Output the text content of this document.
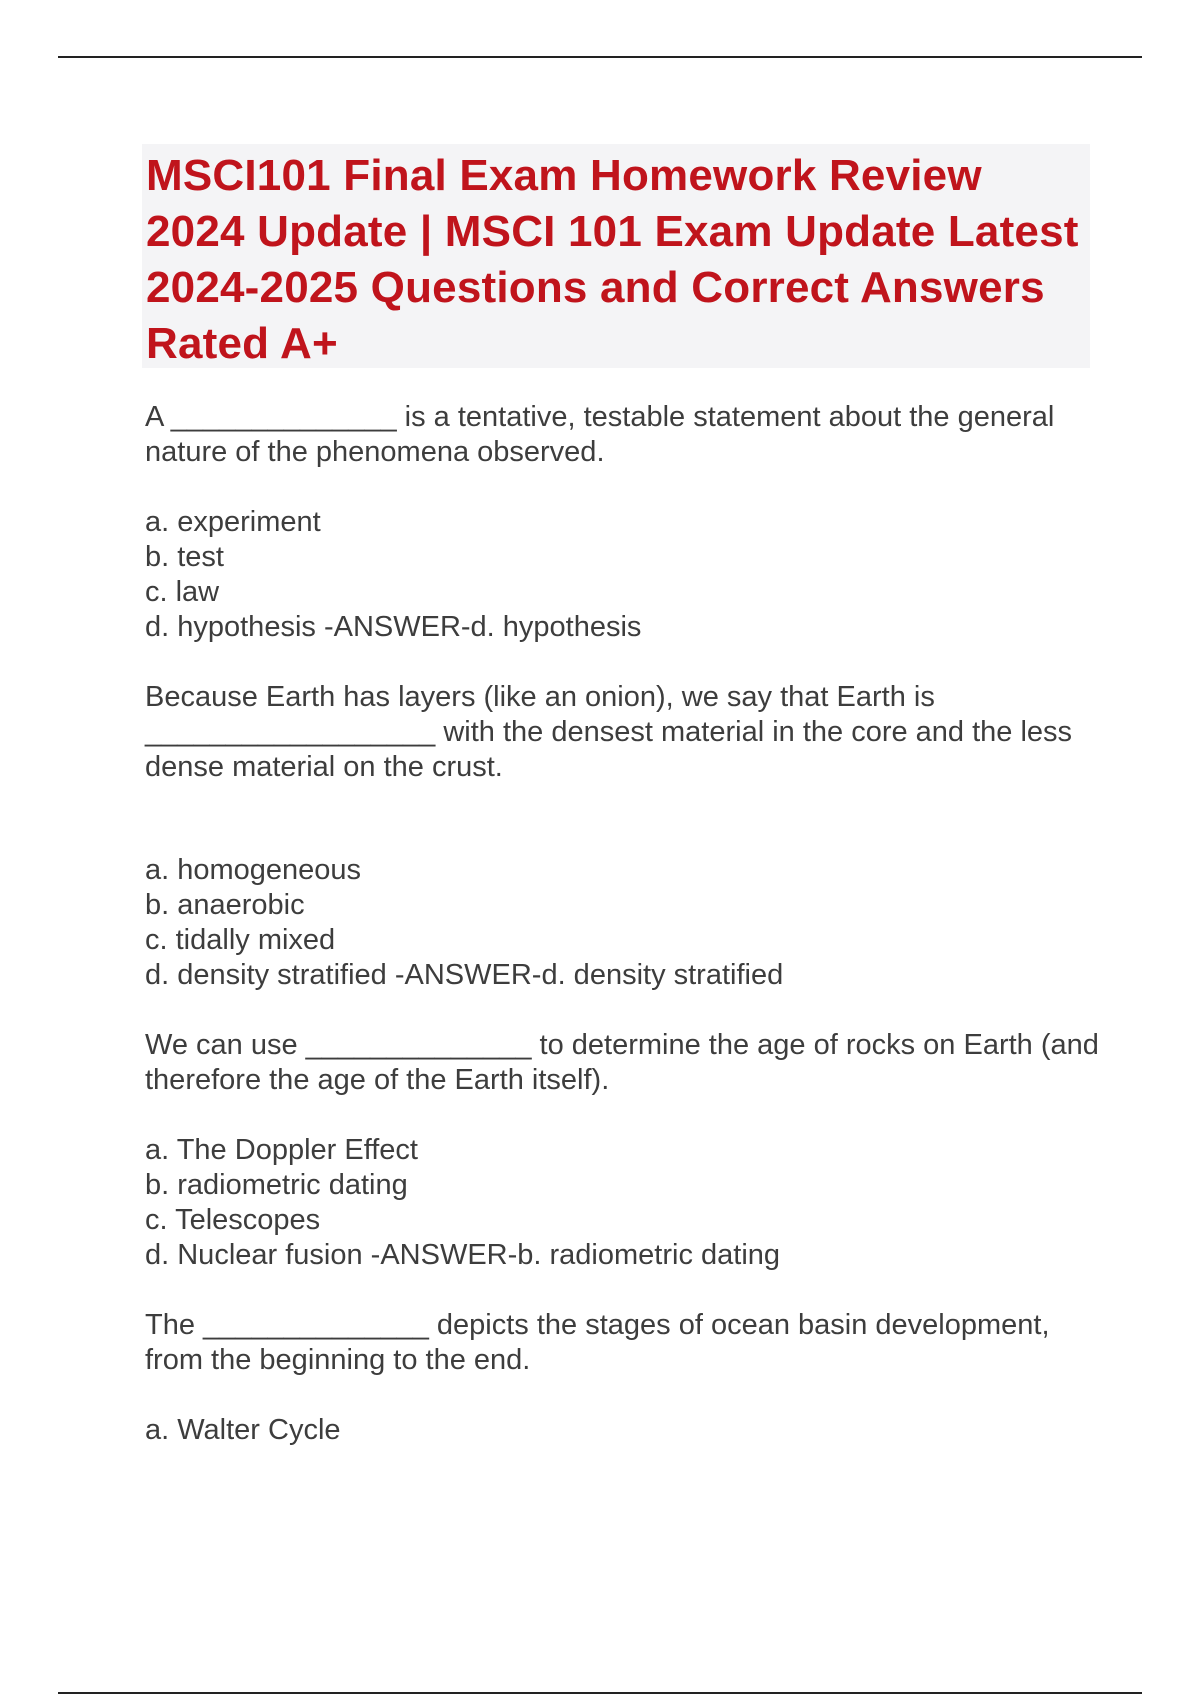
MSCI101 Final Exam Homework Review 2024 Update | MSCI 101 Exam Update Latest 2024-2025 Questions and Correct Answers Rated A+

A ______________ is a tentative, testable statement about the general nature of the phenomena observed.

a. experiment
b. test
c. law
d. hypothesis -ANSWER-d. hypothesis

Because Earth has layers (like an onion), we say that Earth is __________________ with the densest material in the core and the less dense material on the crust.

a. homogeneous
b. anaerobic
c. tidally mixed
d. density stratified -ANSWER-d. density stratified

We can use ______________ to determine the age of rocks on Earth (and therefore the age of the Earth itself).

a. The Doppler Effect
b. radiometric dating
c. Telescopes
d. Nuclear fusion -ANSWER-b. radiometric dating

The ______________ depicts the stages of ocean basin development, from the beginning to the end.

a. Walter Cycle
